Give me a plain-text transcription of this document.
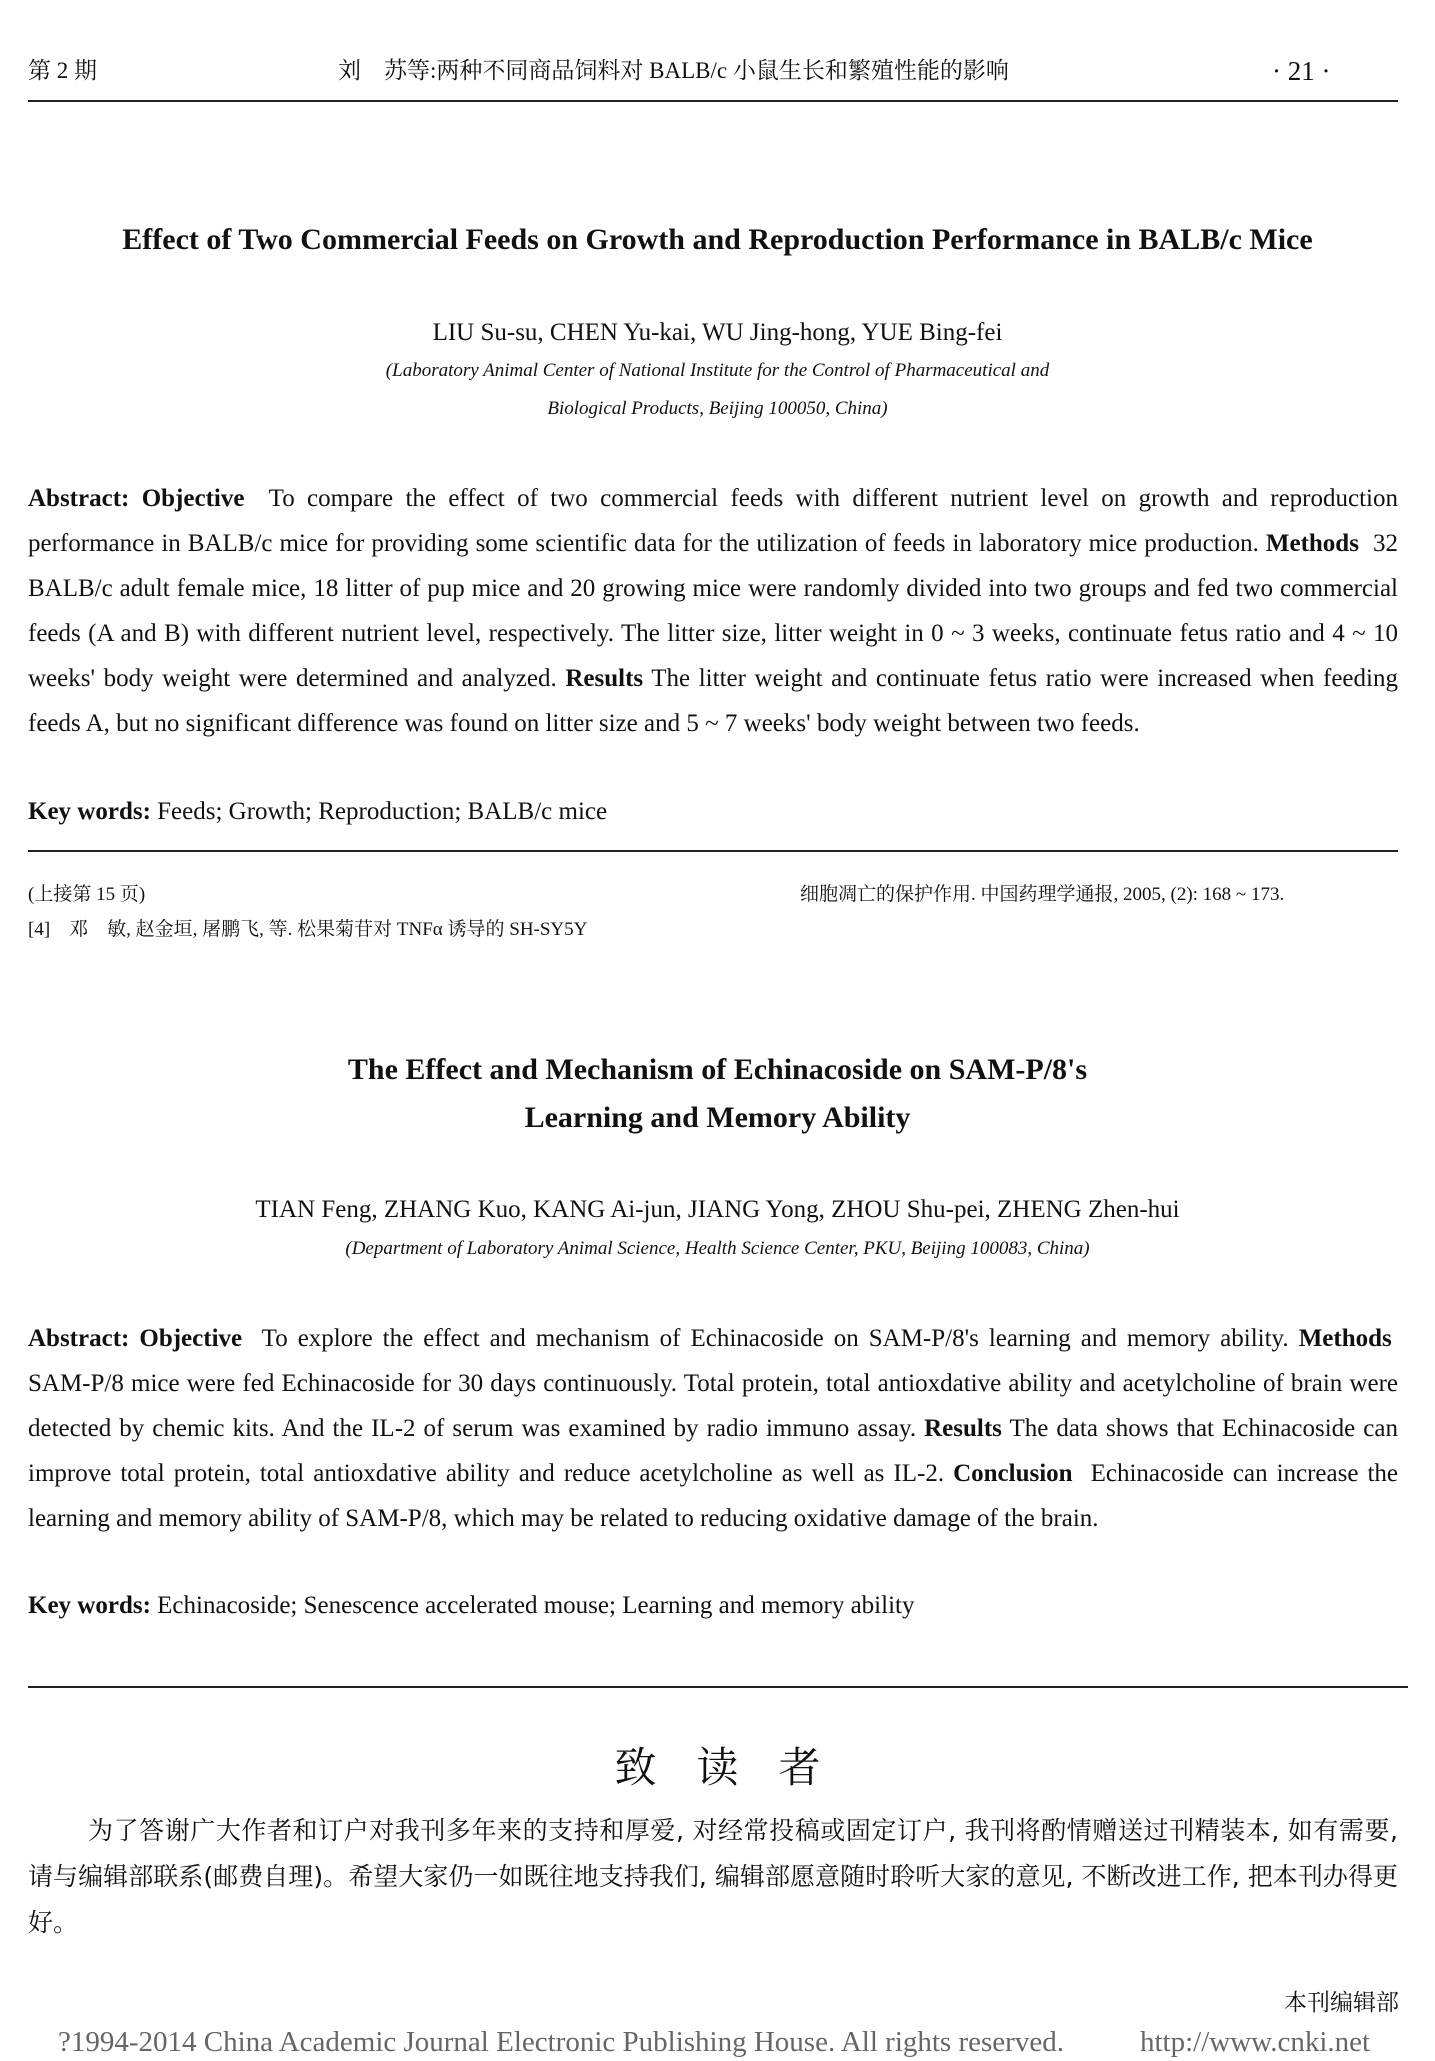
第 2 期	刘　苏等:两种不同商品饲料对 BALB/c 小鼠生长和繁殖性能的影响	· 21 ·
Effect of Two Commercial Feeds on Growth and Reproduction Performance in BALB/c Mice
LIU Su-su, CHEN Yu-kai, WU Jing-hong, YUE Bing-fei
(Laboratory Animal Center of National Institute for the Control of Pharmaceutical and
Biological Products, Beijing 100050, China)
Abstract: Objective To compare the effect of two commercial feeds with different nutrient level on growth and reproduction performance in BALB/c mice for providing some scientific data for the utilization of feeds in laboratory mice production. Methods 32 BALB/c adult female mice, 18 litter of pup mice and 20 growing mice were randomly divided into two groups and fed two commercial feeds (A and B) with different nutrient level, respectively. The litter size, litter weight in 0 ~ 3 weeks, continuate fetus ratio and 4 ~ 10 weeks' body weight were determined and analyzed. Results The litter weight and continuate fetus ratio were increased when feeding feeds A, but no significant difference was found on litter size and 5 ~ 7 weeks' body weight between two feeds.
Key words: Feeds; Growth; Reproduction; BALB/c mice
(上接第 15 页)
[4]　邓　敏, 赵金垣, 屠鹏飞, 等. 松果菊苷对 TNFα 诱导的 SH-SY5Y
细胞凋亡的保护作用. 中国药理学通报, 2005, (2): 168 ~ 173.
The Effect and Mechanism of Echinacoside on SAM-P/8's
Learning and Memory Ability
TIAN Feng, ZHANG Kuo, KANG Ai-jun, JIANG Yong, ZHOU Shu-pei, ZHENG Zhen-hui
(Department of Laboratory Animal Science, Health Science Center, PKU, Beijing 100083, China)
Abstract: Objective To explore the effect and mechanism of Echinacoside on SAM-P/8's learning and memory ability. Methods  SAM-P/8 mice were fed Echinacoside for 30 days continuously. Total protein, total antioxdative ability and acetylcholine of brain were detected by chemic kits. And the IL-2 of serum was examined by radio immuno assay. Results The data shows that Echinacoside can improve total protein, total antioxdative ability and reduce acetylcholine as well as IL-2. Conclusion Echinacoside can increase the learning and memory ability of SAM-P/8, which may be related to reducing oxidative damage of the brain.
Key words: Echinacoside; Senescence accelerated mouse; Learning and memory ability
致读者
为了答谢广大作者和订户对我刊多年来的支持和厚爱, 对经常投稿或固定订户, 我刊将酌情赠送过刊精装本, 如有需要, 请与编辑部联系(邮费自理)。希望大家仍一如既往地支持我们, 编辑部愿意随时聆听大家的意见, 不断改进工作, 把本刊办得更好。
本刊编辑部
?1994-2014 China Academic Journal Electronic Publishing House. All rights reserved.	http://www.cnki.net
